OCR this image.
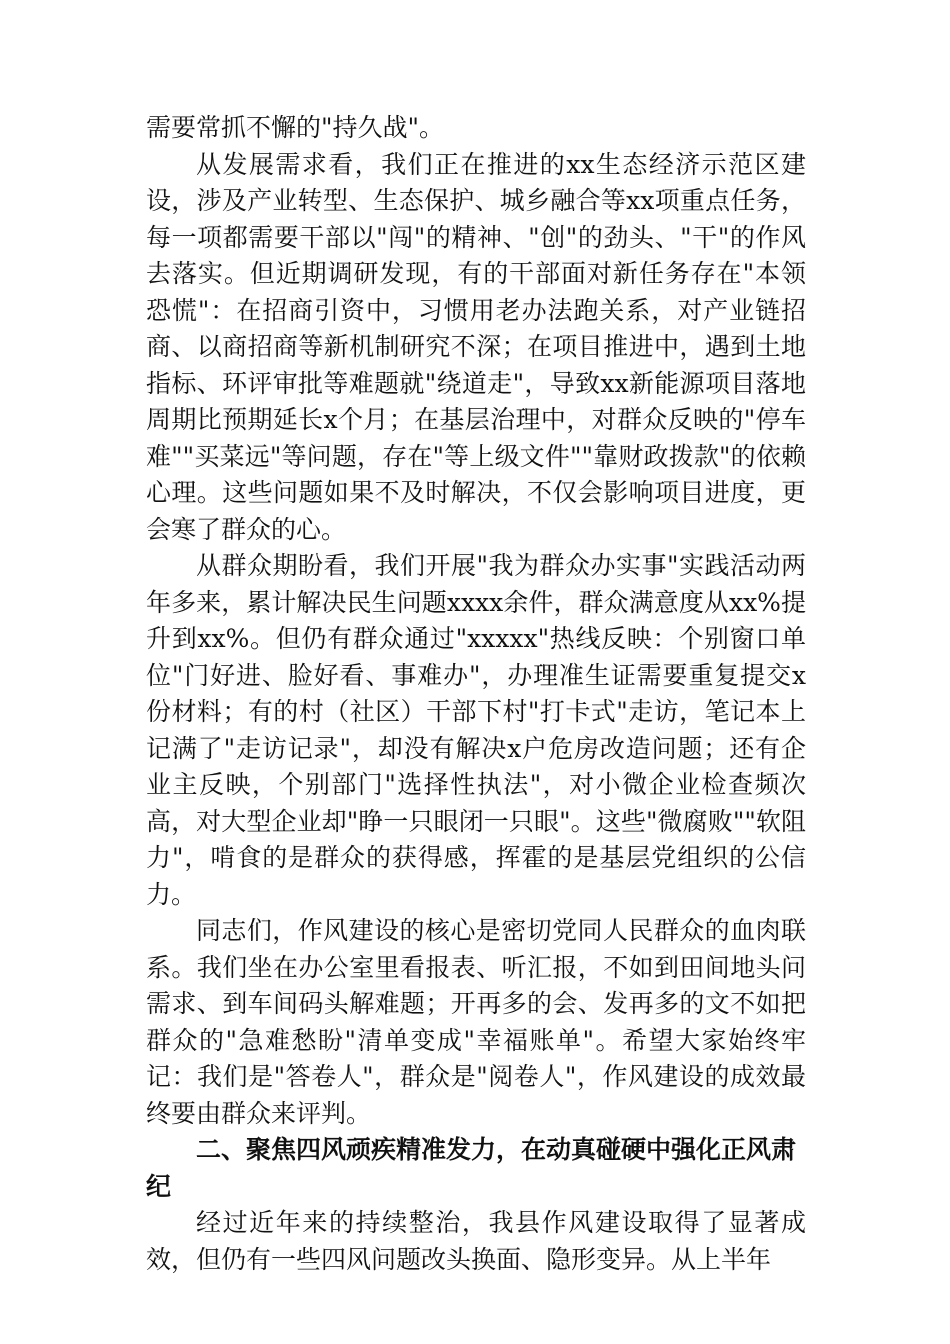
需要常抓不懈的"持久战"。

从发展需求看，我们正在推进的xx生态经济示范区建设，涉及产业转型、生态保护、城乡融合等xx项重点任务，每一项都需要干部以"闯"的精神、"创"的劲头、"干"的作风去落实。但近期调研发现，有的干部面对新任务存在"本领恐慌"：在招商引资中，习惯用老办法跑关系，对产业链招商、以商招商等新机制研究不深；在项目推进中，遇到土地指标、环评审批等难题就"绕道走"，导致xx新能源项目落地周期比预期延长x个月；在基层治理中，对群众反映的"停车难""买菜远"等问题，存在"等上级文件""靠财政拨款"的依赖心理。这些问题如果不及时解决，不仅会影响项目进度，更会寒了群众的心。

从群众期盼看，我们开展"我为群众办实事"实践活动两年多来，累计解决民生问题xxxx余件，群众满意度从xx%提升到xx%。但仍有群众通过"xxxxx"热线反映：个别窗口单位"门好进、脸好看、事难办"，办理准生证需要重复提交x份材料；有的村（社区）干部下村"打卡式"走访，笔记本上记满了"走访记录"，却没有解决x户危房改造问题；还有企业主反映，个别部门"选择性执法"，对小微企业检查频次高，对大型企业却"睁一只眼闭一只眼"。这些"微腐败""软阻力"，啃食的是群众的获得感，挥霍的是基层党组织的公信力。

同志们，作风建设的核心是密切党同人民群众的血肉联系。我们坐在办公室里看报表、听汇报，不如到田间地头问需求、到车间码头解难题；开再多的会、发再多的文不如把群众的"急难愁盼"清单变成"幸福账单"。希望大家始终牢记：我们是"答卷人"，群众是"阅卷人"，作风建设的成效最终要由群众来评判。

二、聚焦四风顽疾精准发力，在动真碰硬中强化正风肃纪

经过近年来的持续整治，我县作风建设取得了显著成效，但仍有一些四风问题改头换面、隐形变异。从上半年
